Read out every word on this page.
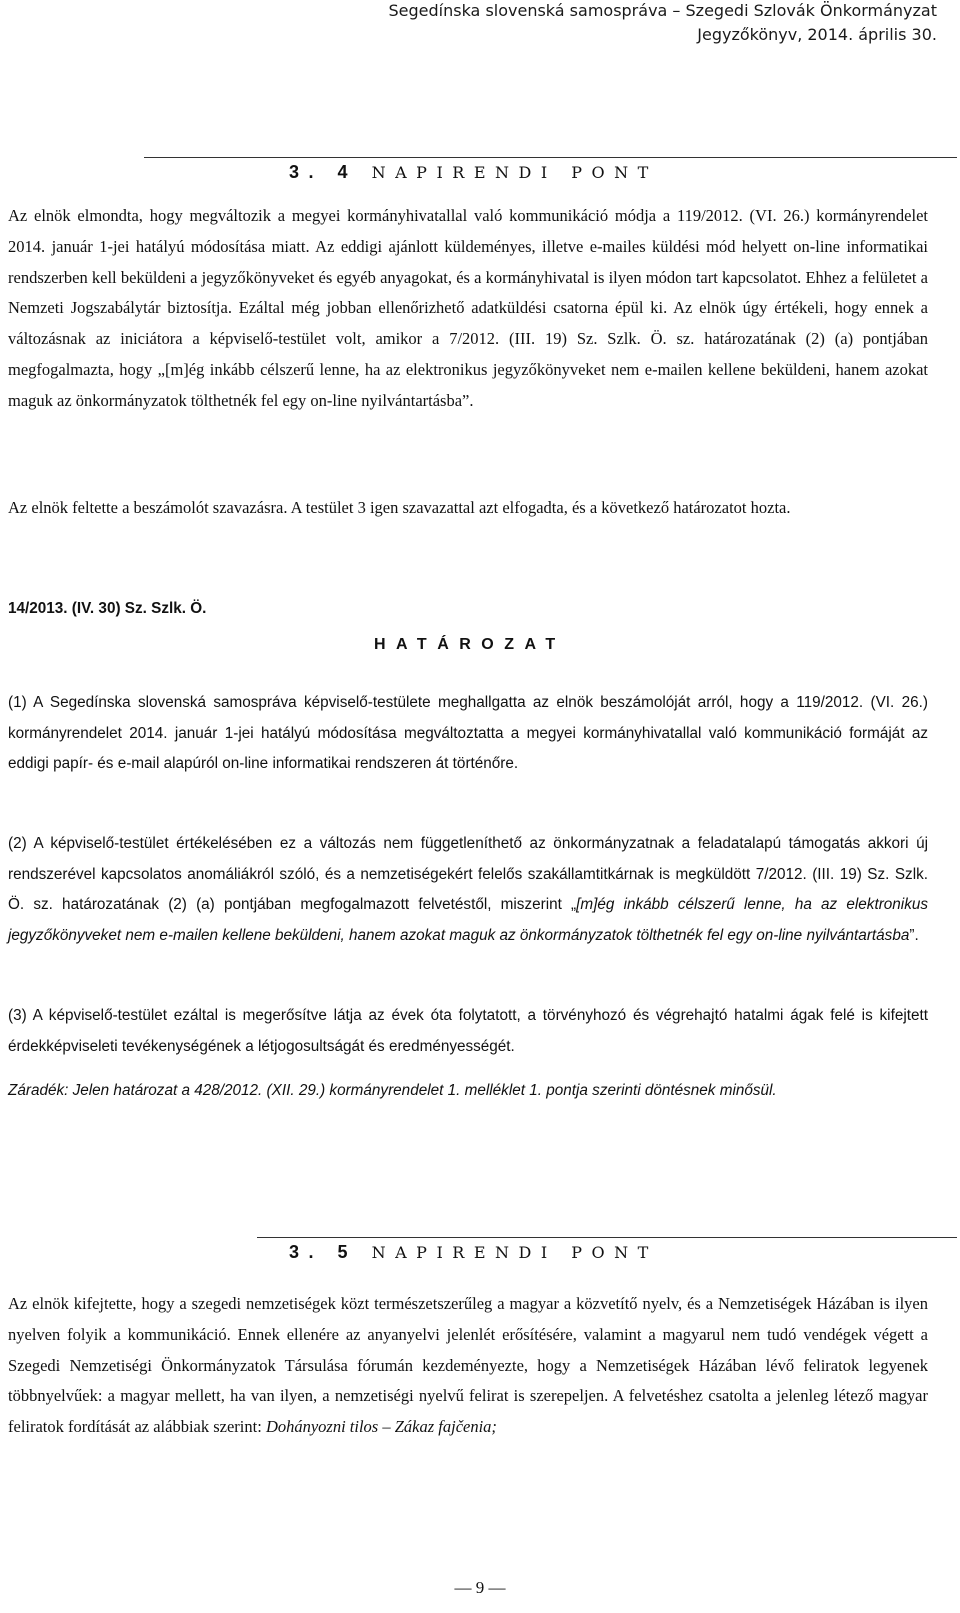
Segedínska slovenská samospráva – Szegedi Szlovák Önkormányzat
Jegyzőkönyv, 2014. április 30.
3. 4 NAPIRENDI PONT

Az elnök elmondta, hogy megváltozik a megyei kormányhivatallal való kommunikáció módja a 119/2012. (VI. 26.) kormányrendelet 2014. január 1-jei hatályú módosítása miatt. Az eddigi ajánlott küldeményes, illetve e-mailes küldési mód helyett on-line informatikai rendszerben kell beküldeni a jegyzőkönyveket és egyéb anyagokat, és a kormányhivatal is ilyen módon tart kapcsolatot. Ehhez a felületet a Nemzeti Jogszabálytár biztosítja. Ezáltal még jobban ellenőrizhető adatküldési csatorna épül ki. Az elnök úgy értékeli, hogy ennek a változásnak az iniciátora a képviselő-testület volt, amikor a 7/2012. (III. 19) Sz. Szlk. Ö. sz. határozatának (2) (a) pontjában megfogalmazta, hogy „[m]ég inkább célszerű lenne, ha az elektronikus jegyzőkönyveket nem e-mailen kellene beküldeni, hanem azokat maguk az önkormányzatok tölthetnék fel egy on-line nyilvántartásba”.

Az elnök feltette a beszámolót szavazásra. A testület 3 igen szavazattal azt elfogadta, és a következő határozatot hozta.

14/2013. (IV. 30) Sz. Szlk. Ö.
HATÁROZAT

(1) A Segedínska slovenská samospráva képviselő-testülete meghallgatta az elnök beszámolóját arról, hogy a 119/2012. (VI. 26.) kormányrendelet 2014. január 1-jei hatályú módosítása megváltoztatta a megyei kormányhivatallal való kommunikáció formáját az eddigi papír- és e-mail alapúról on-line informatikai rendszeren át történőre.

(2) A képviselő-testület értékelésében ez a változás nem függetleníthető az önkormányzatnak a feladatalapú támogatás akkori új rendszerével kapcsolatos anomáliákról szóló, és a nemzetiségekért felelős szakállamtitkárnak is megküldött 7/2012. (III. 19) Sz. Szlk. Ö. sz. határozatának (2) (a) pontjában megfogalmazott felvetéstől, miszerint „[m]ég inkább célszerű lenne, ha az elektronikus jegyzőkönyveket nem e-mailen kellene beküldeni, hanem azokat maguk az önkormányzatok tölthetnék fel egy on-line nyilvántartásba”.

(3) A képviselő-testület ezáltal is megerősítve látja az évek óta folytatott, a törvényhozó és végrehajtó hatalmi ágak felé is kifejtett érdekképviseleti tevékenységének a létjogosultságát és eredményességét.

Záradék: Jelen határozat a 428/2012. (XII. 29.) kormányrendelet 1. melléklet 1. pontja szerinti döntésnek minősül.

3. 5 NAPIRENDI PONT

Az elnök kifejtette, hogy a szegedi nemzetiségek közt természetszerűleg a magyar a közvetítő nyelv, és a Nemzetiségek Házában is ilyen nyelven folyik a kommunikáció. Ennek ellenére az anyanyelvi jelenlét erősítésére, valamint a magyarul nem tudó vendégek végett a Szegedi Nemzetiségi Önkormányzatok Társulása fórumán kezdeményezte, hogy a Nemzetiségek Házában lévő feliratok legyenek többnyelvűek: a magyar mellett, ha van ilyen, a nemzetiségi nyelvű felirat is szerepeljen. A felvetéshez csatolta a jelenleg létező magyar feliratok fordítását az alábbiak szerint: Dohányozni tilos – Zákaz fajčenia;

— 9 —
